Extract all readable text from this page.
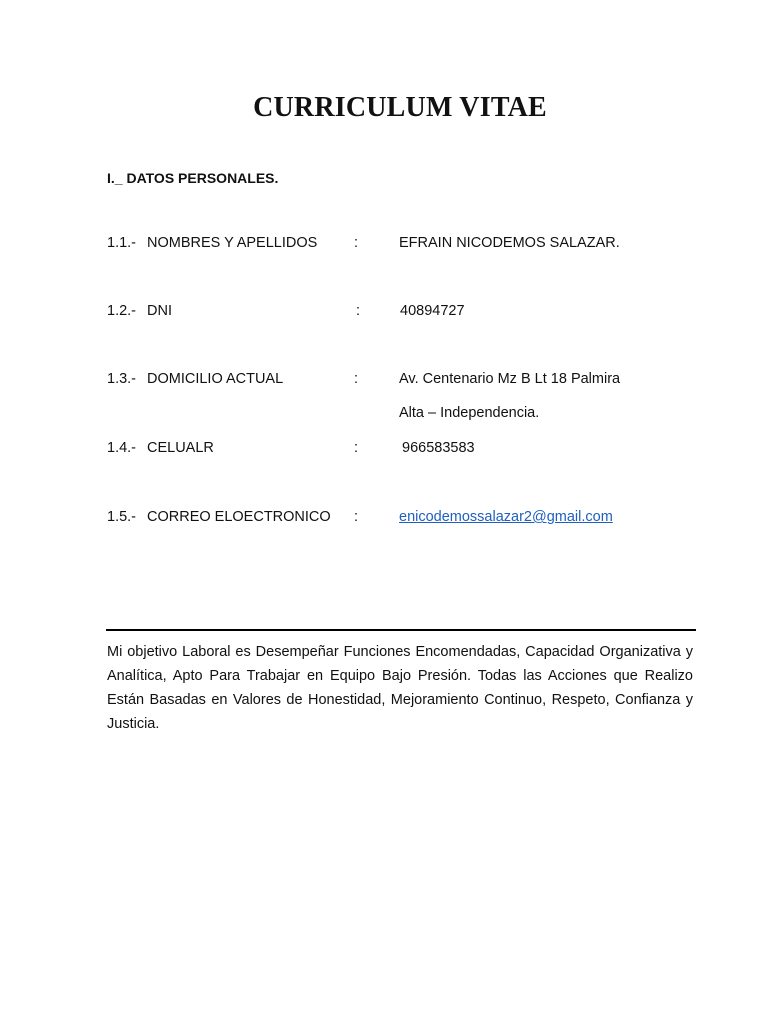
CURRICULUM VITAE
I._ DATOS PERSONALES.
1.1.- NOMBRES Y APELLIDOS	:	EFRAIN NICODEMOS SALAZAR.
1.2.- DNI	:	40894727
1.3.- DOMICILIO ACTUAL	:	Av. Centenario Mz B Lt 18 Palmira
Alta – Independencia.
1.4.- CELUALR	:	966583583
1.5.- CORREO ELOECTRONICO :	enicodemossalazar2@gmail.com
Mi objetivo Laboral es Desempeñar Funciones Encomendadas, Capacidad Organizativa y Analítica, Apto Para Trabajar en Equipo Bajo Presión. Todas las Acciones que Realizo Están Basadas en Valores de Honestidad, Mejoramiento Continuo, Respeto, Confianza y Justicia.
